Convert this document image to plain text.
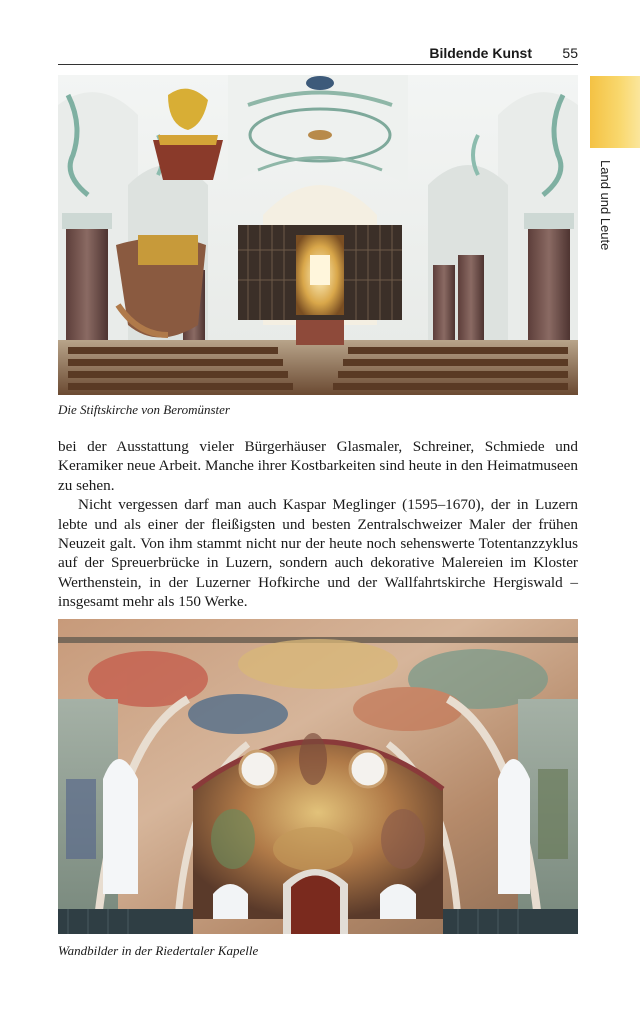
Bildende Kunst 55
Land und Leute
Die Stiftskirche von Beromünster

bei der Ausstattung vieler Bürgerhäuser Glasmaler, Schreiner, Schmiede und Keramiker neue Arbeit. Manche ihrer Kostbarkeiten sind heute in den Heimatmuseen zu sehen.

Nicht vergessen darf man auch Kaspar Meglinger (1595–1670), der in Luzern lebte und als einer der fleißigsten und besten Zentralschweizer Maler der frühen Neuzeit galt. Von ihm stammt nicht nur der heute noch sehenswerte Totentanzzyklus auf der Spreuerbrücke in Luzern, sondern auch dekorative Malereien im Kloster Werthenstein, in der Luzerner Hofkirche und der Wallfahrtskirche Hergiswald – insgesamt mehr als 150 Werke.

Wandbilder in der Riedertaler Kapelle
